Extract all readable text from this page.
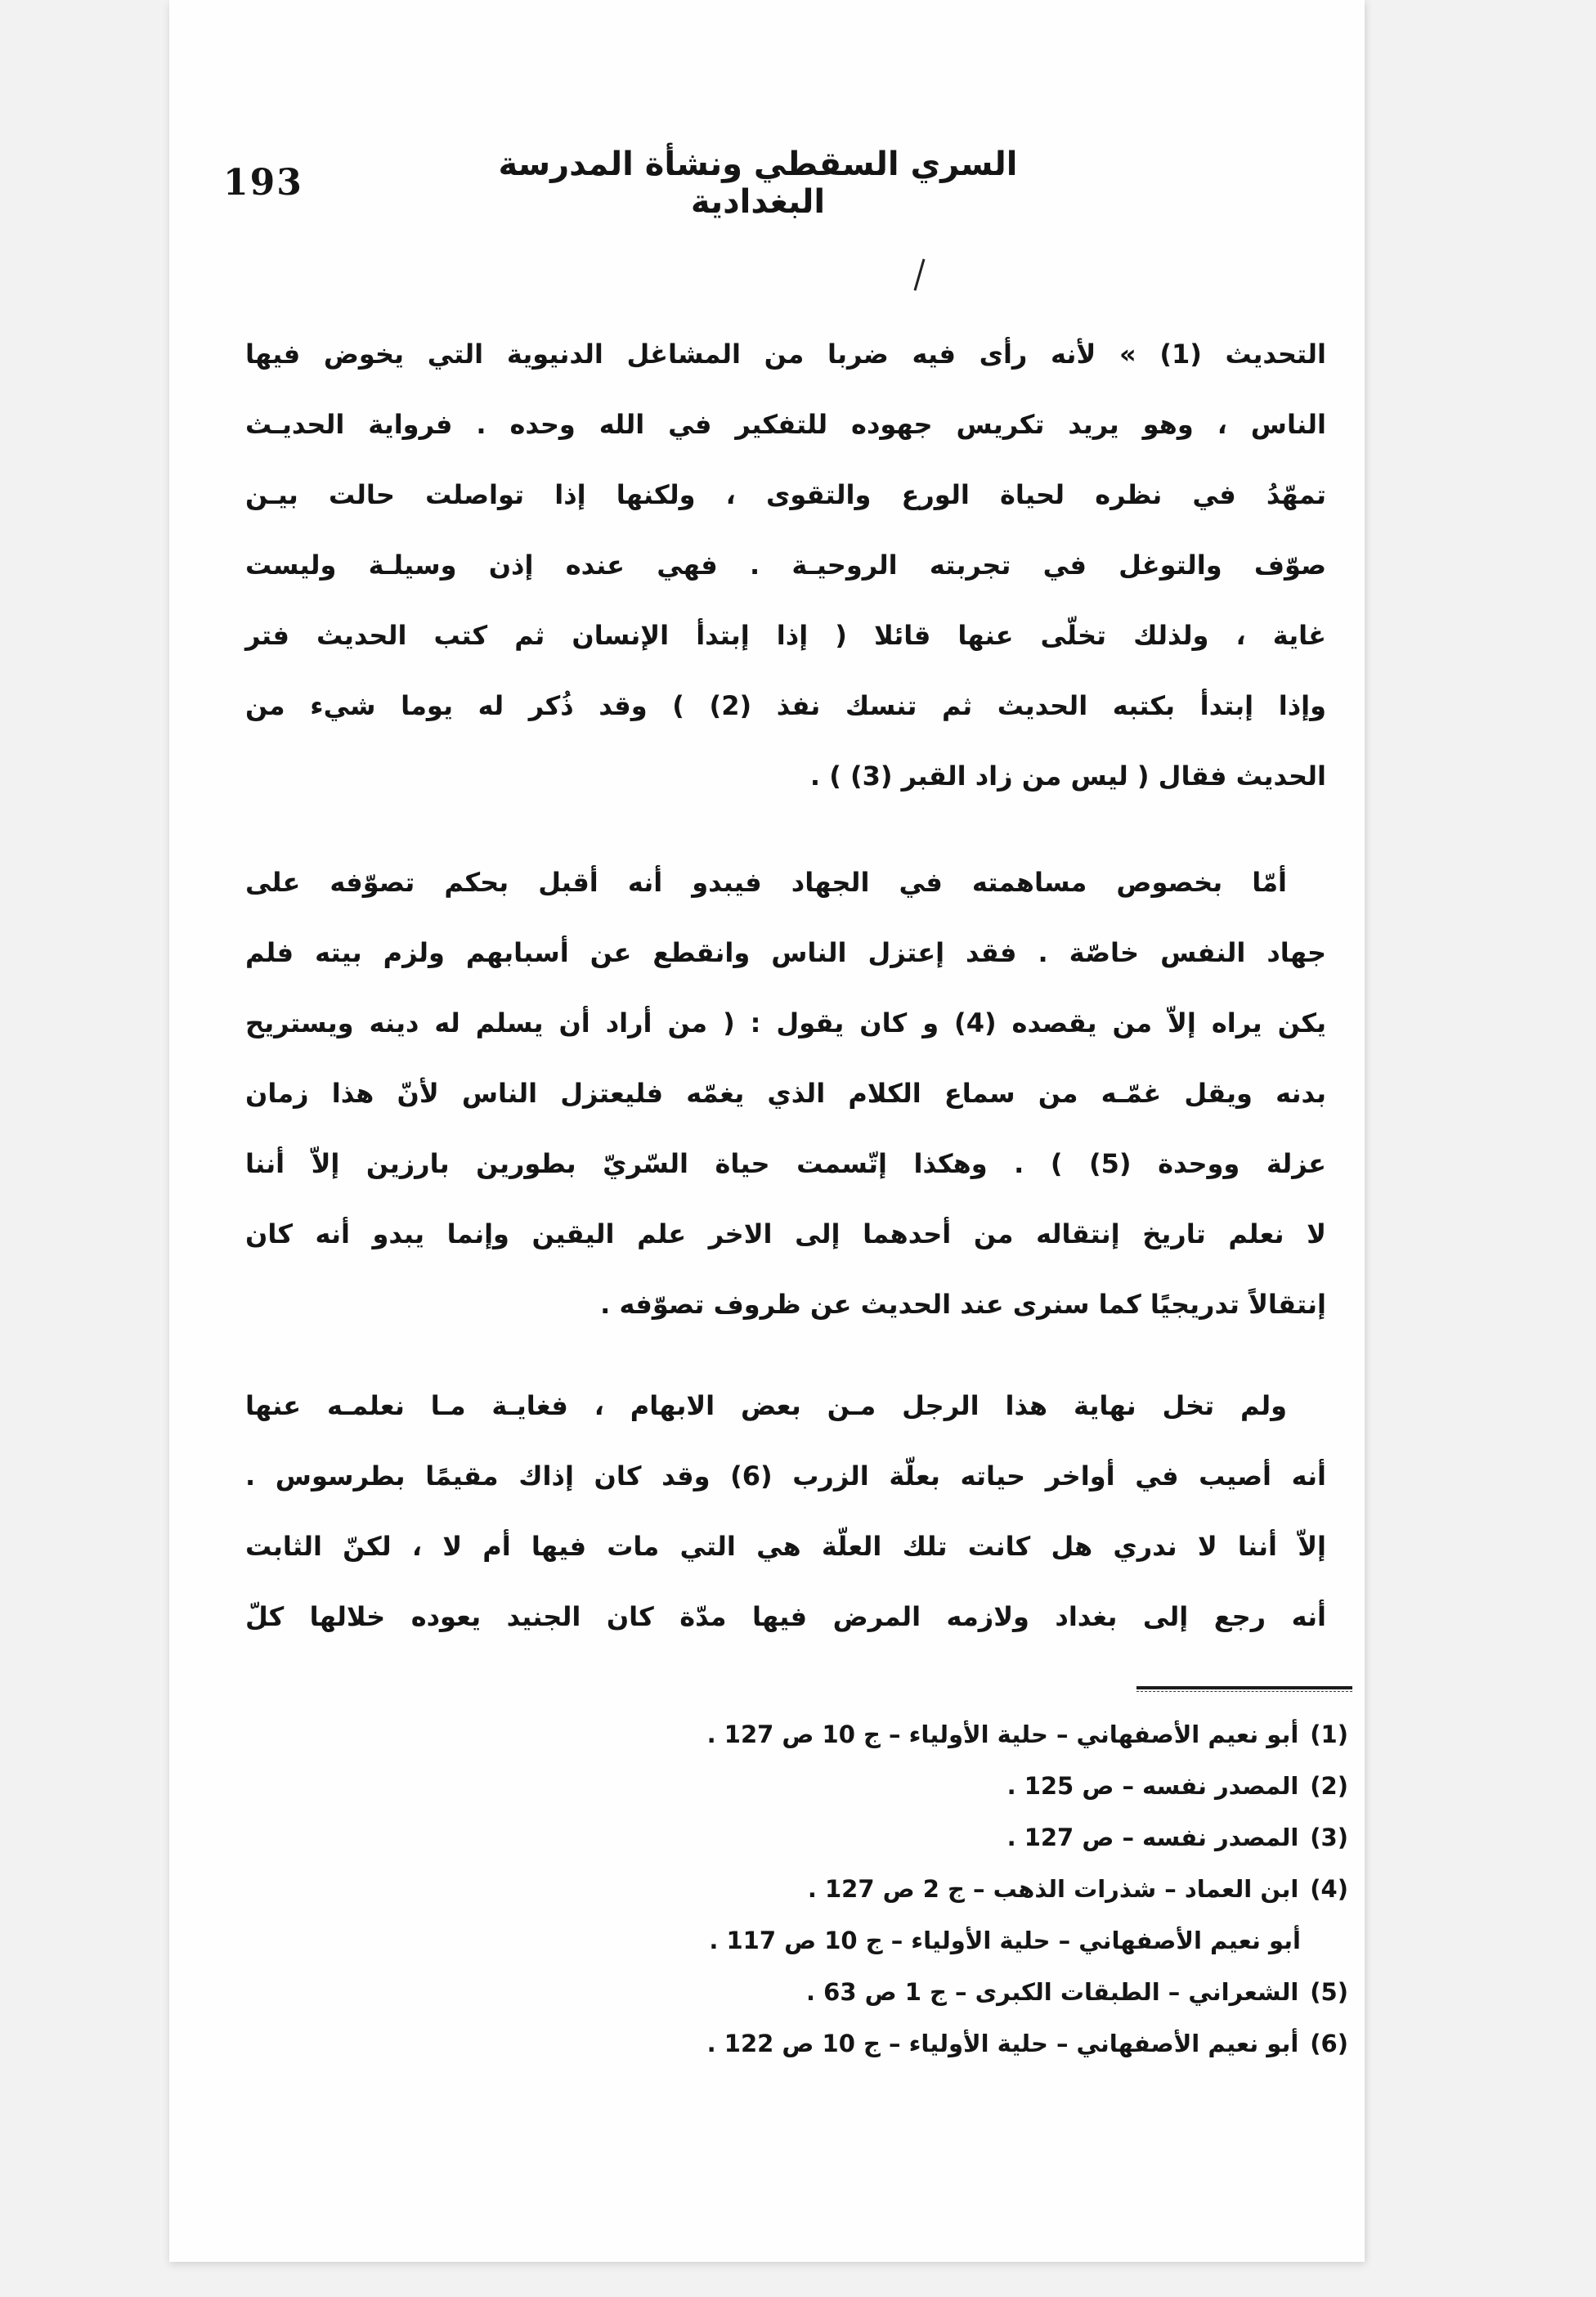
193	السري السقطي ونشأة المدرسة البغدادية
التحديث (1) » لأنه رأى فيه ضربا من المشاغل الدنيوية التي يخوض فيها
الناس ، وهو يريد تكريس جهوده للتفكير في الله وحده . فرواية الحديـث
تمهّدُ في نظره لحياة الورع والتقوى ، ولكنها إذا تواصلت حالت بيـن
صوّف والتوغل في تجربته الروحيـة . فهي عنده إذن وسيلـة وليست
غاية ، ولذلك تخلّى عنها قائلا ( إذا إبتدأ الإنسان ثم كتب الحديث فتر
وإذا إبتدأ بكتبه الحديث ثم تنسك نفذ (2) ) وقد ذُكر له يوما شيء من
الحديث فقال ( ليس من زاد القبر (3) ) .
أمّا بخصوص مساهمته في الجهاد فيبدو أنه أقبل بحكم تصوّفه على
جهاد النفس خاصّة . فقد إعتزل الناس وانقطع عن أسبابهم ولزم بيته فلم
يكن يراه إلاّ من يقصده (4) و كان يقول : ( من أراد أن يسلم له دينه ويستريح
بدنه ويقل غمّـه من سماع الكلام الذي يغمّه فليعتزل الناس لأنّ هذا زمان
عزلة ووحدة (5) ) . وهكذا إتّسمت حياة السّريّ بطورين بارزين إلاّ أننا
لا نعلم تاريخ إنتقاله من أحدهما إلى الاخر علم اليقين وإنما يبدو أنه كان
إنتقالاً تدريجيًا كما سنرى عند الحديث عن ظروف تصوّفه .
ولم تخل نهاية هذا الرجل مـن بعض الابهام ، فغايـة مـا نعلمـه عنها
أنه أصيب في أواخر حياته بعلّة الزرب (6) وقد كان إذاك مقيمًا بطرسوس .
إلاّ أننا لا ندري هل كانت تلك العلّة هي التي مات فيها أم لا ، لكنّ الثابت
أنه رجع إلى بغداد ولازمه المرض فيها مدّة كان الجنيد يعوده خلالها كلّ
(1)أبو نعيم الأصفهاني – حلية الأولياء – ج 10 ص 127 .
(2)المصدر نفسه – ص 125 .
(3)المصدر نفسه – ص 127 .
(4)ابن العماد – شذرات الذهب – ج 2 ص 127 .
أبو نعيم الأصفهاني – حلية الأولياء – ج 10 ص 117 .
(5)الشعراني – الطبقات الكبرى – ج 1 ص 63 .
(6)أبو نعيم الأصفهاني – حلية الأولياء – ج 10 ص 122 .
